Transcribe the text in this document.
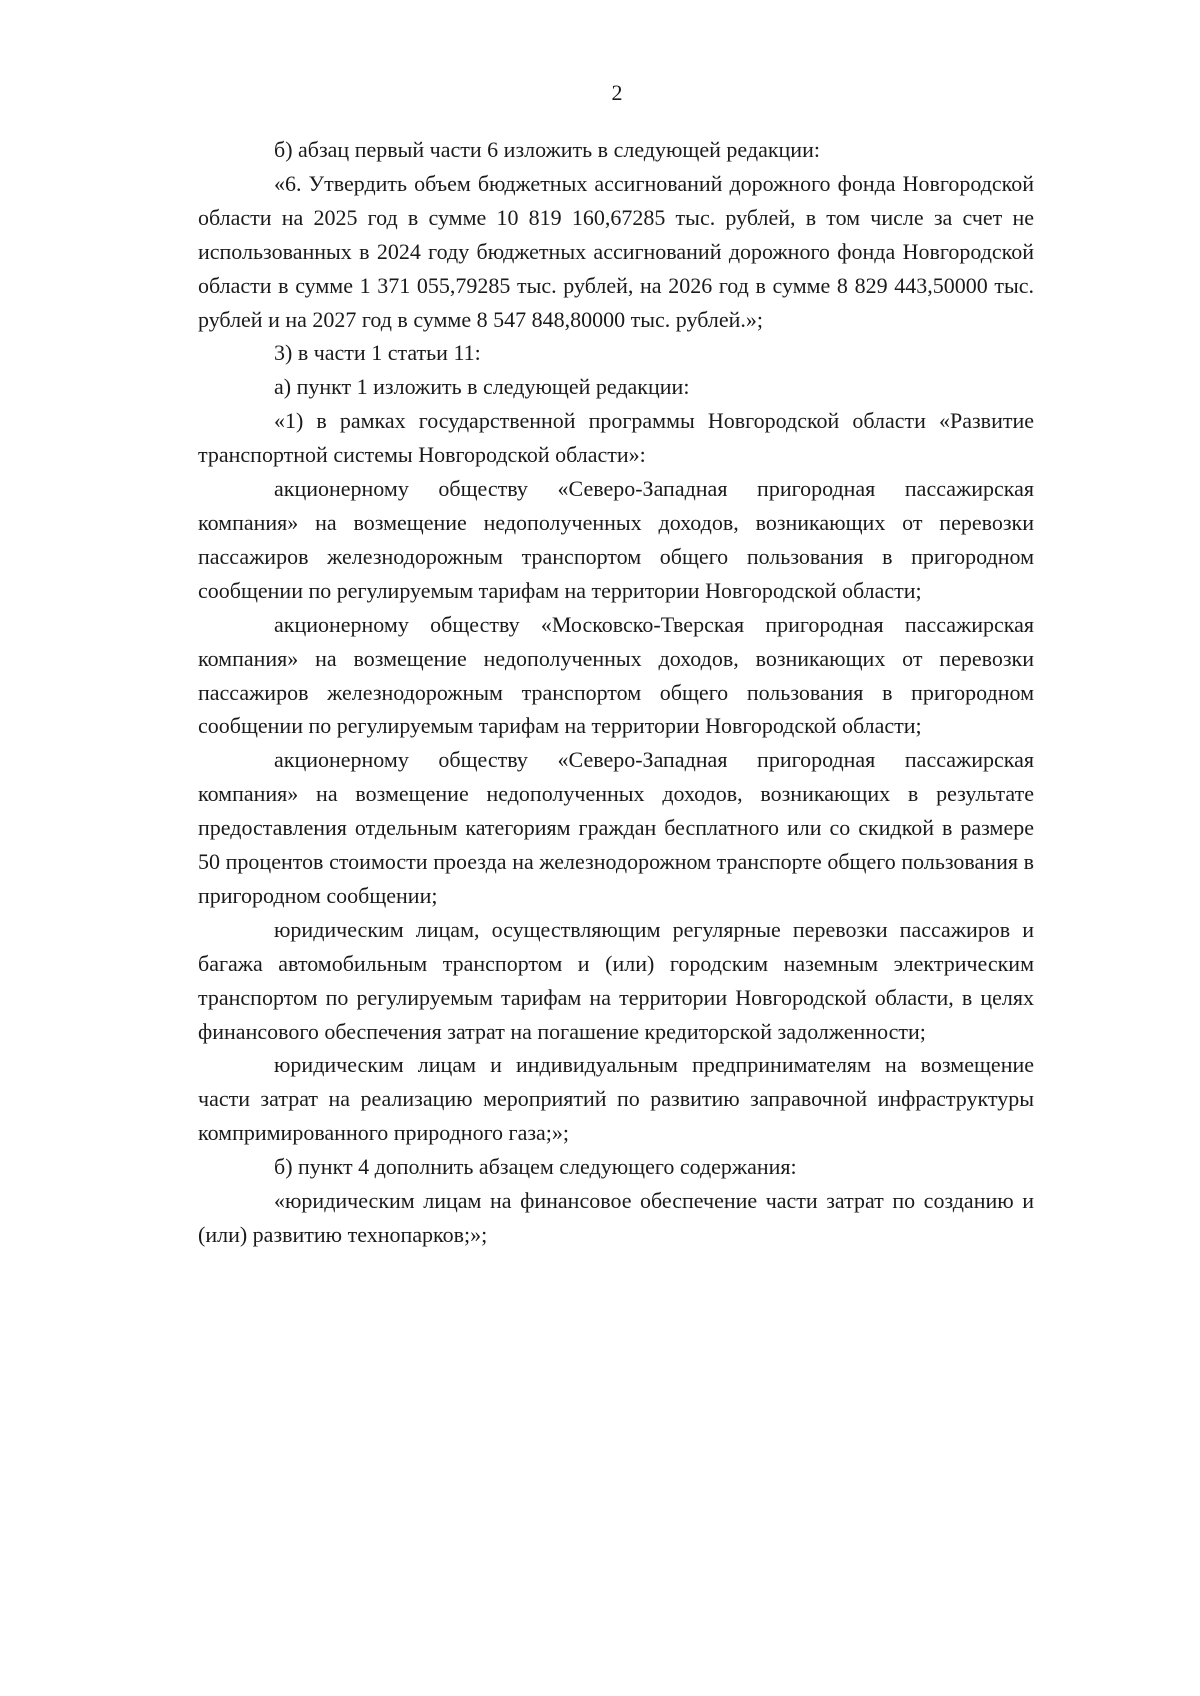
2

б) абзац первый части 6 изложить в следующей редакции:

«6. Утвердить объем бюджетных ассигнований дорожного фонда Новгородской области на 2025 год в сумме 10 819 160,67285 тыс. рублей, в том числе за счет не использованных в 2024 году бюджетных ассигнований дорожного фонда Новгородской области в сумме 1 371 055,79285 тыс. рублей, на 2026 год в сумме 8 829 443,50000 тыс. рублей и на 2027 год в сумме 8 547 848,80000 тыс. рублей.»;

3) в части 1 статьи 11:

а) пункт 1 изложить в следующей редакции:

«1) в рамках государственной программы Новгородской области «Развитие транспортной системы Новгородской области»:

акционерному обществу «Северо-Западная пригородная пассажирская компания» на возмещение недополученных доходов, возникающих от перевозки пассажиров железнодорожным транспортом общего пользования в пригородном сообщении по регулируемым тарифам на территории Новгородской области;

акционерному обществу «Московско-Тверская пригородная пассажирская компания» на возмещение недополученных доходов, возникающих от перевозки пассажиров железнодорожным транспортом общего пользования в пригородном сообщении по регулируемым тарифам на территории Новгородской области;

акционерному обществу «Северо-Западная пригородная пассажирская компания» на возмещение недополученных доходов, возникающих в результате предоставления отдельным категориям граждан бесплатного или со скидкой в размере 50 процентов стоимости проезда на железнодорожном транспорте общего пользования в пригородном сообщении;

юридическим лицам, осуществляющим регулярные перевозки пассажиров и багажа автомобильным транспортом и (или) городским наземным электрическим транспортом по регулируемым тарифам на территории Новгородской области, в целях финансового обеспечения затрат на погашение кредиторской задолженности;

юридическим лицам и индивидуальным предпринимателям на возмещение части затрат на реализацию мероприятий по развитию заправочной инфраструктуры компримированного природного газа;»;

б) пункт 4 дополнить абзацем следующего содержания:

«юридическим лицам на финансовое обеспечение части затрат по созданию и (или) развитию технопарков;»;
